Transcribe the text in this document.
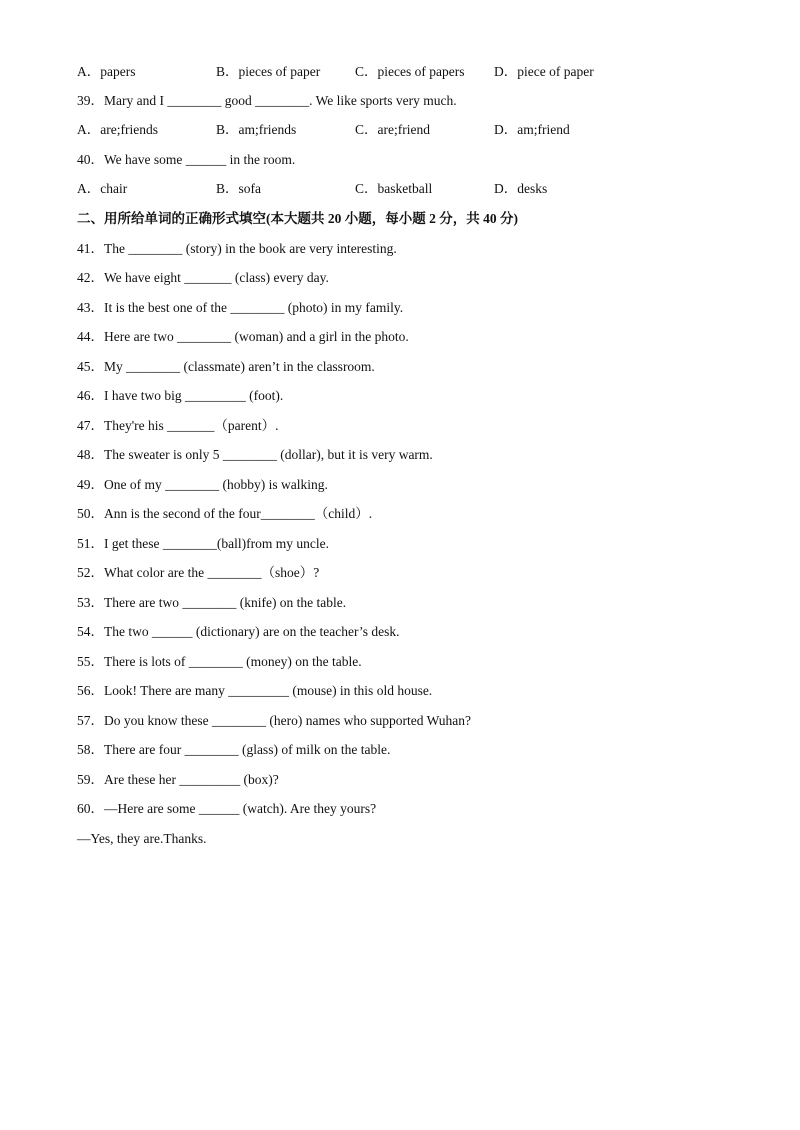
A．papers	B．pieces of paper	C．pieces of papers D．piece of paper
39．Mary and I ________ good ________. We like sports very much.
A．are;friends	B．am;friends	C．are;friend	D．am;friend
40．We have some ______ in the room.
A．chair	B．sofa	C．basketball	D．desks
二、用所给单词的正确形式填空(本大题共 20 小题，每小题 2 分，共 40 分)
41．The ________ (story) in the book are very interesting.
42．We have eight _______ (class) every day.
43．It is the best one of the ________ (photo) in my family.
44．Here are two ________ (woman) and a girl in the photo.
45．My ________ (classmate) aren’t in the classroom.
46．I have two big _________ (foot).
47．They're his _______（parent）.
48．The sweater is only 5 ________ (dollar), but it is very warm.
49．One of my ________ (hobby) is walking.
50．Ann is the second of the four________（child）.
51．I get these ________(ball)from my uncle.
52．What color are the ________（shoe）?
53．There are two ________ (knife) on the table.
54．The two ______ (dictionary) are on the teacher’s desk.
55．There is lots of ________ (money) on the table.
56．Look! There are many _________ (mouse) in this old house.
57．Do you know these ________ (hero) names who supported Wuhan?
58．There are four ________ (glass) of milk on the table.
59．Are these her _________ (box)?
60．—Here are some ______ (watch). Are they yours?
—Yes, they are.Thanks.
